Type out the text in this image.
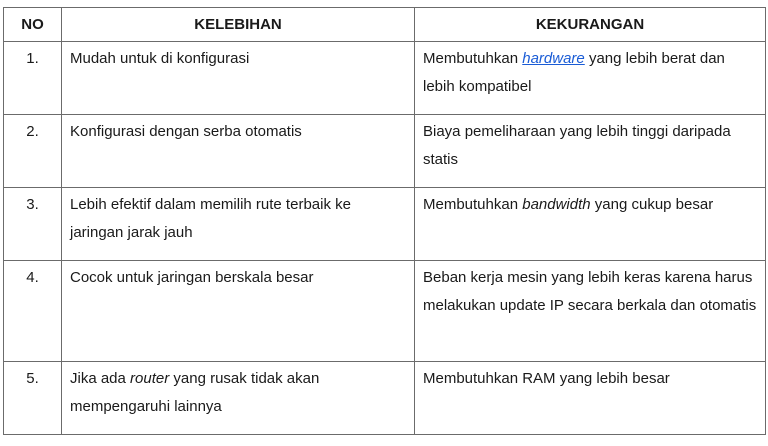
NO	KELEBIHAN	KEKURANGAN
1.	Mudah untuk di konfigurasi	Membutuhkan hardware yang lebih berat dan lebih kompatibel
2.	Konfigurasi dengan serba otomatis	Biaya pemeliharaan yang lebih tinggi daripada statis
3.	Lebih efektif dalam memilih rute terbaik ke jaringan jarak jauh	Membutuhkan bandwidth yang cukup besar
4.	Cocok untuk jaringan berskala besar	Beban kerja mesin yang lebih keras karena harus melakukan update IP secara berkala dan otomatis
5.	Jika ada router yang rusak tidak akan mempengaruhi lainnya	Membutuhkan RAM yang lebih besar
